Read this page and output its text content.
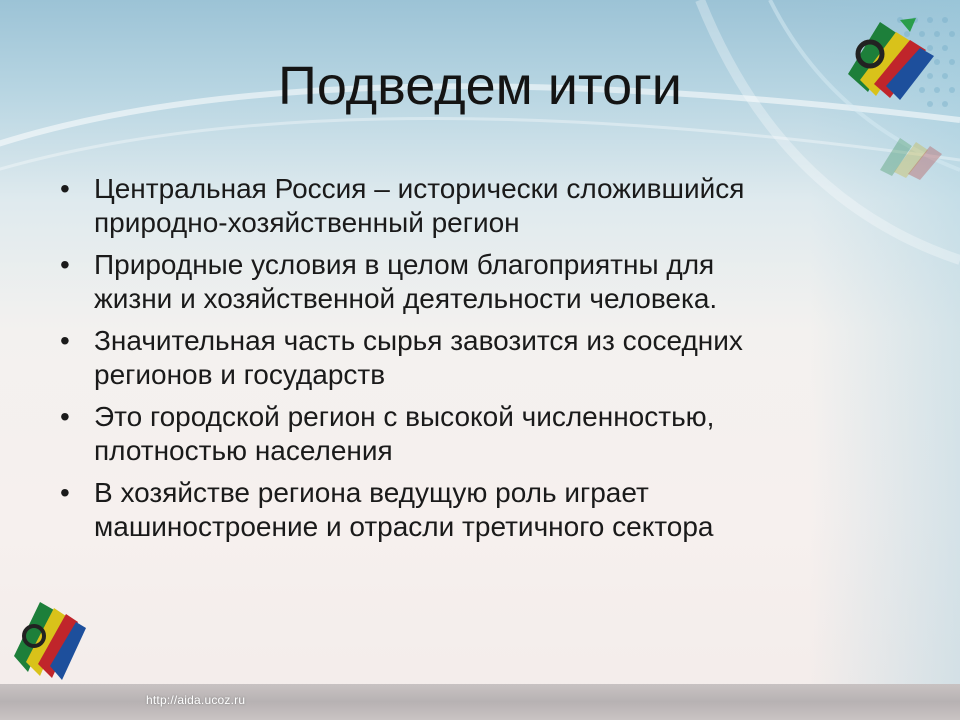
Подведем итоги
• Центральная Россия – исторически сложившийся
природно-хозяйственный регион
• Природные условия в целом благоприятны для
жизни и хозяйственной деятельности человека.
• Значительная часть сырья завозится из соседних
регионов и государств
• Это городской регион с высокой численностью,
плотностью населения
• В хозяйстве региона ведущую роль играет
машиностроение и отрасли третичного сектора
http://aida.ucoz.ru
